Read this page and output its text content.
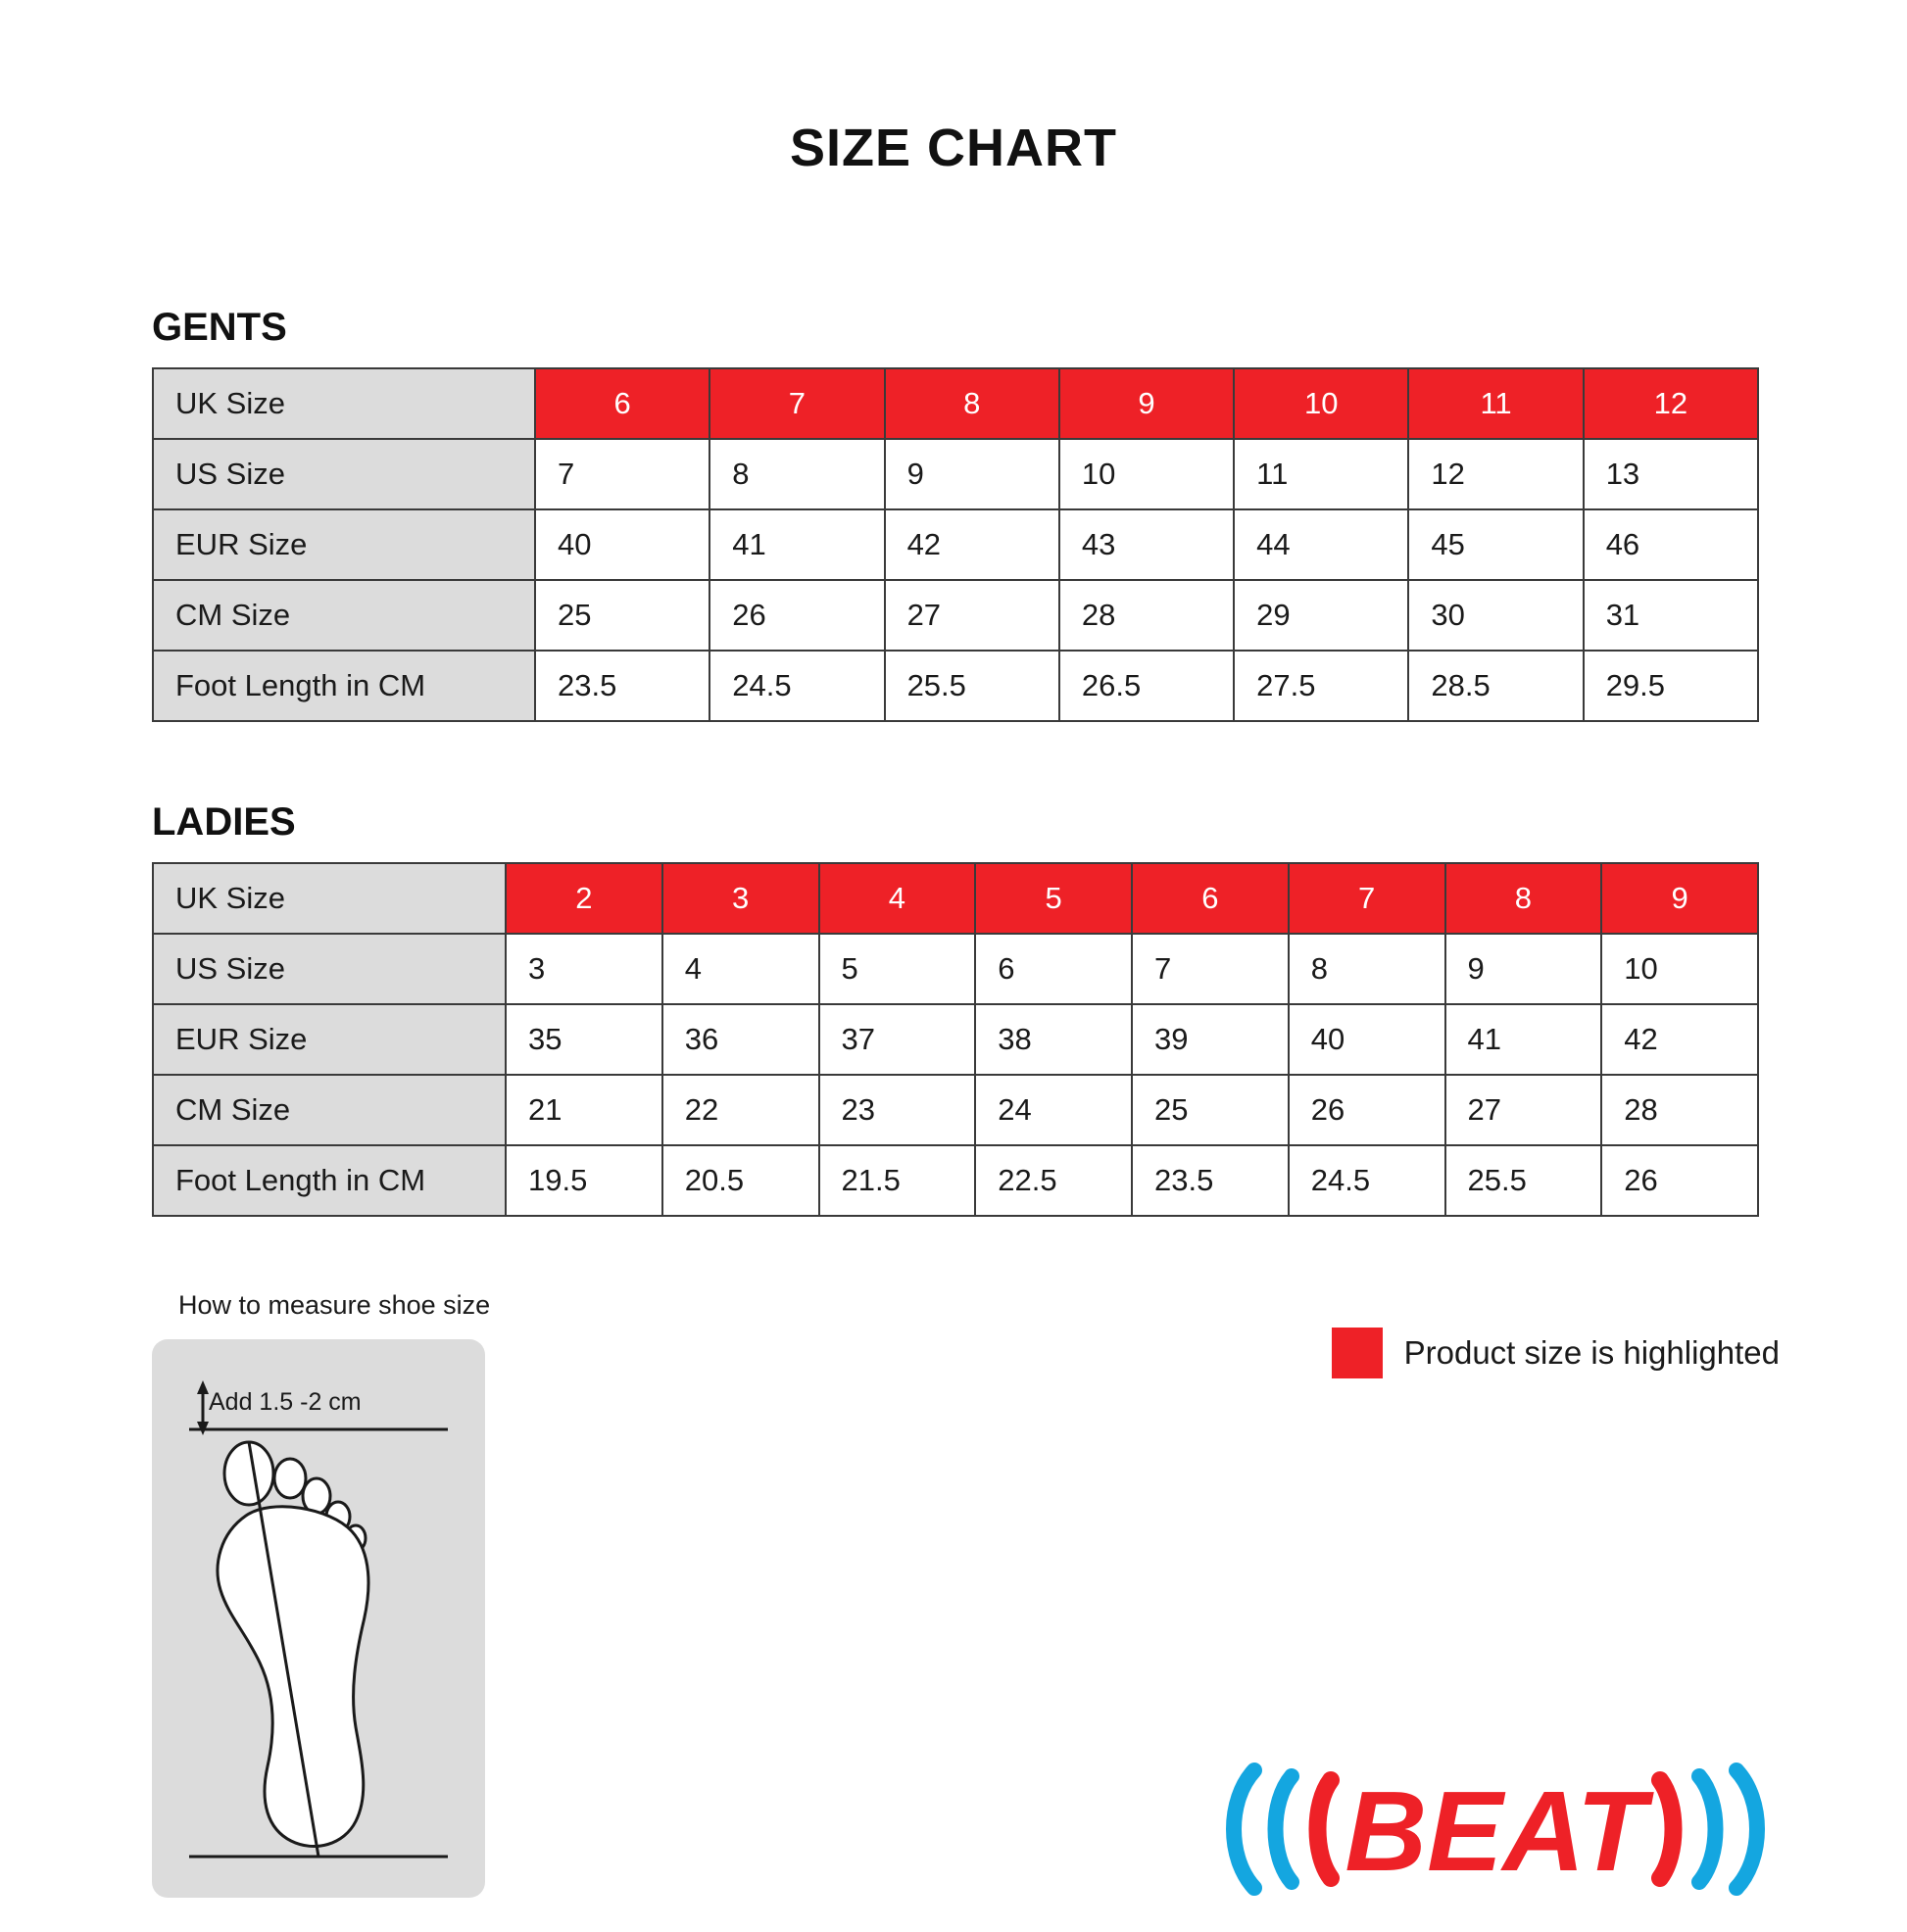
SIZE CHART
GENTS
UK Size	6	7	8	9	10	11	12
US Size	7	8	9	10	11	12	13
EUR Size	40	41	42	43	44	45	46
CM Size	25	26	27	28	29	30	31
Foot Length in CM	23.5	24.5	25.5	26.5	27.5	28.5	29.5
LADIES
UK Size	2	3	4	5	6	7	8	9
US Size	3	4	5	6	7	8	9	10
EUR Size	35	36	37	38	39	40	41	42
CM Size	21	22	23	24	25	26	27	28
Foot Length in CM	19.5	20.5	21.5	22.5	23.5	24.5	25.5	26
How to measure shoe size
Add 1.5 -2 cm
Product size is highlighted
BEAT
